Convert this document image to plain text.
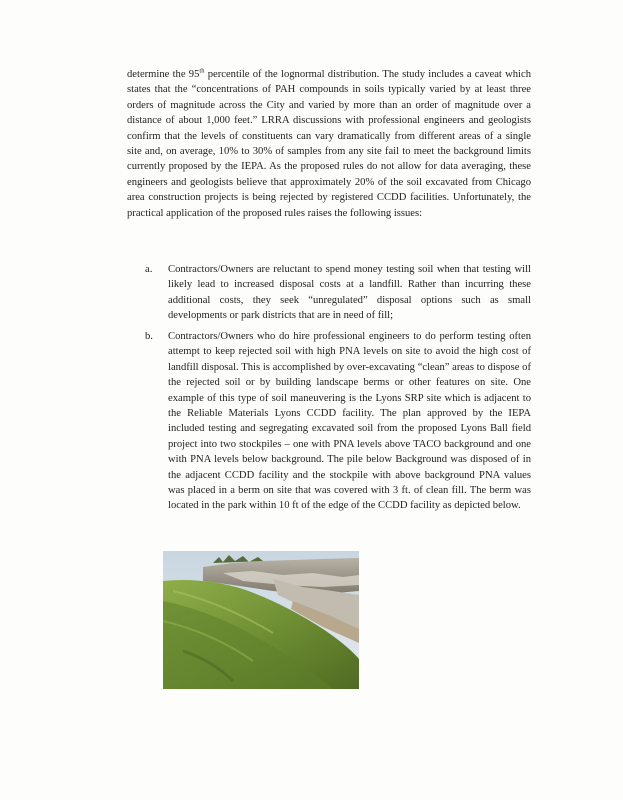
determine the 95th percentile of the lognormal distribution. The study includes a caveat which states that the “concentrations of PAH compounds in soils typically varied by at least three orders of magnitude across the City and varied by more than an order of magnitude over a distance of about 1,000 feet.” LRRA discussions with professional engineers and geologists confirm that the levels of constituents can vary dramatically from different areas of a single site and, on average, 10% to 30% of samples from any site fail to meet the background limits currently proposed by the IEPA. As the proposed rules do not allow for data averaging, these engineers and geologists believe that approximately 20% of the soil excavated from Chicago area construction projects is being rejected by registered CCDD facilities. Unfortunately, the practical application of the proposed rules raises the following issues:

a. Contractors/Owners are reluctant to spend money testing soil when that testing will likely lead to increased disposal costs at a landfill. Rather than incurring these additional costs, they seek “unregulated” disposal options such as small developments or park districts that are in need of fill;

b. Contractors/Owners who do hire professional engineers to do perform testing often attempt to keep rejected soil with high PNA levels on site to avoid the high cost of landfill disposal. This is accomplished by over-excavating “clean” areas to dispose of the rejected soil or by building landscape berms or other features on site. One example of this type of soil maneuvering is the Lyons SRP site which is adjacent to the Reliable Materials Lyons CCDD facility. The plan approved by the IEPA included testing and segregating excavated soil from the proposed Lyons Ball field project into two stockpiles – one with PNA levels above TACO background and one with PNA levels below background. The pile below Background was disposed of in the adjacent CCDD facility and the stockpile with above background PNA values was placed in a berm on site that was covered with 3 ft. of clean fill. The berm was located in the park within 10 ft of the edge of the CCDD facility as depicted below.
